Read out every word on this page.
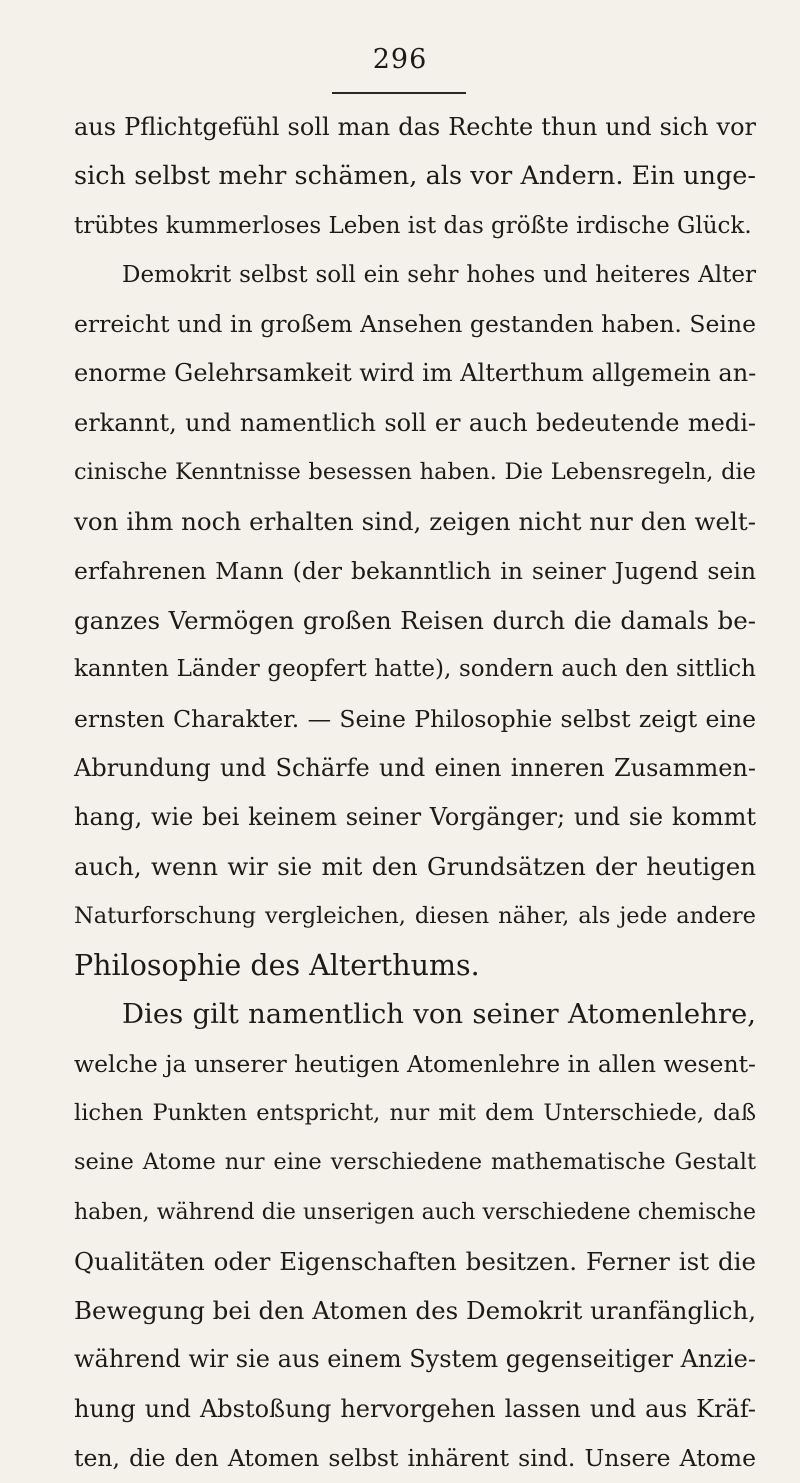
296
aus Pflichtgefühl soll man das Rechte thun und sich vor
sich selbst mehr schämen, als vor Andern. Ein unge-
trübtes kummerloses Leben ist das größte irdische Glück.
Demokrit selbst soll ein sehr hohes und heiteres Alter
erreicht und in großem Ansehen gestanden haben. Seine
enorme Gelehrsamkeit wird im Alterthum allgemein an-
erkannt, und namentlich soll er auch bedeutende medi-
cinische Kenntnisse besessen haben. Die Lebensregeln, die
von ihm noch erhalten sind, zeigen nicht nur den welt-
erfahrenen Mann (der bekanntlich in seiner Jugend sein
ganzes Vermögen großen Reisen durch die damals be-
kannten Länder geopfert hatte), sondern auch den sittlich
ernsten Charakter. — Seine Philosophie selbst zeigt eine
Abrundung und Schärfe und einen inneren Zusammen-
hang, wie bei keinem seiner Vorgänger; und sie kommt
auch, wenn wir sie mit den Grundsätzen der heutigen
Naturforschung vergleichen, diesen näher, als jede andere
Philosophie des Alterthums.
Dies gilt namentlich von seiner Atomenlehre,
welche ja unserer heutigen Atomenlehre in allen wesent-
lichen Punkten entspricht, nur mit dem Unterschiede, daß
seine Atome nur eine verschiedene mathematische Gestalt
haben, während die unserigen auch verschiedene chemische
Qualitäten oder Eigenschaften besitzen. Ferner ist die
Bewegung bei den Atomen des Demokrit uranfänglich,
während wir sie aus einem System gegenseitiger Anzie-
hung und Abstoßung hervorgehen lassen und aus Kräf-
ten, die den Atomen selbst inhärent sind. Unsere Atome
